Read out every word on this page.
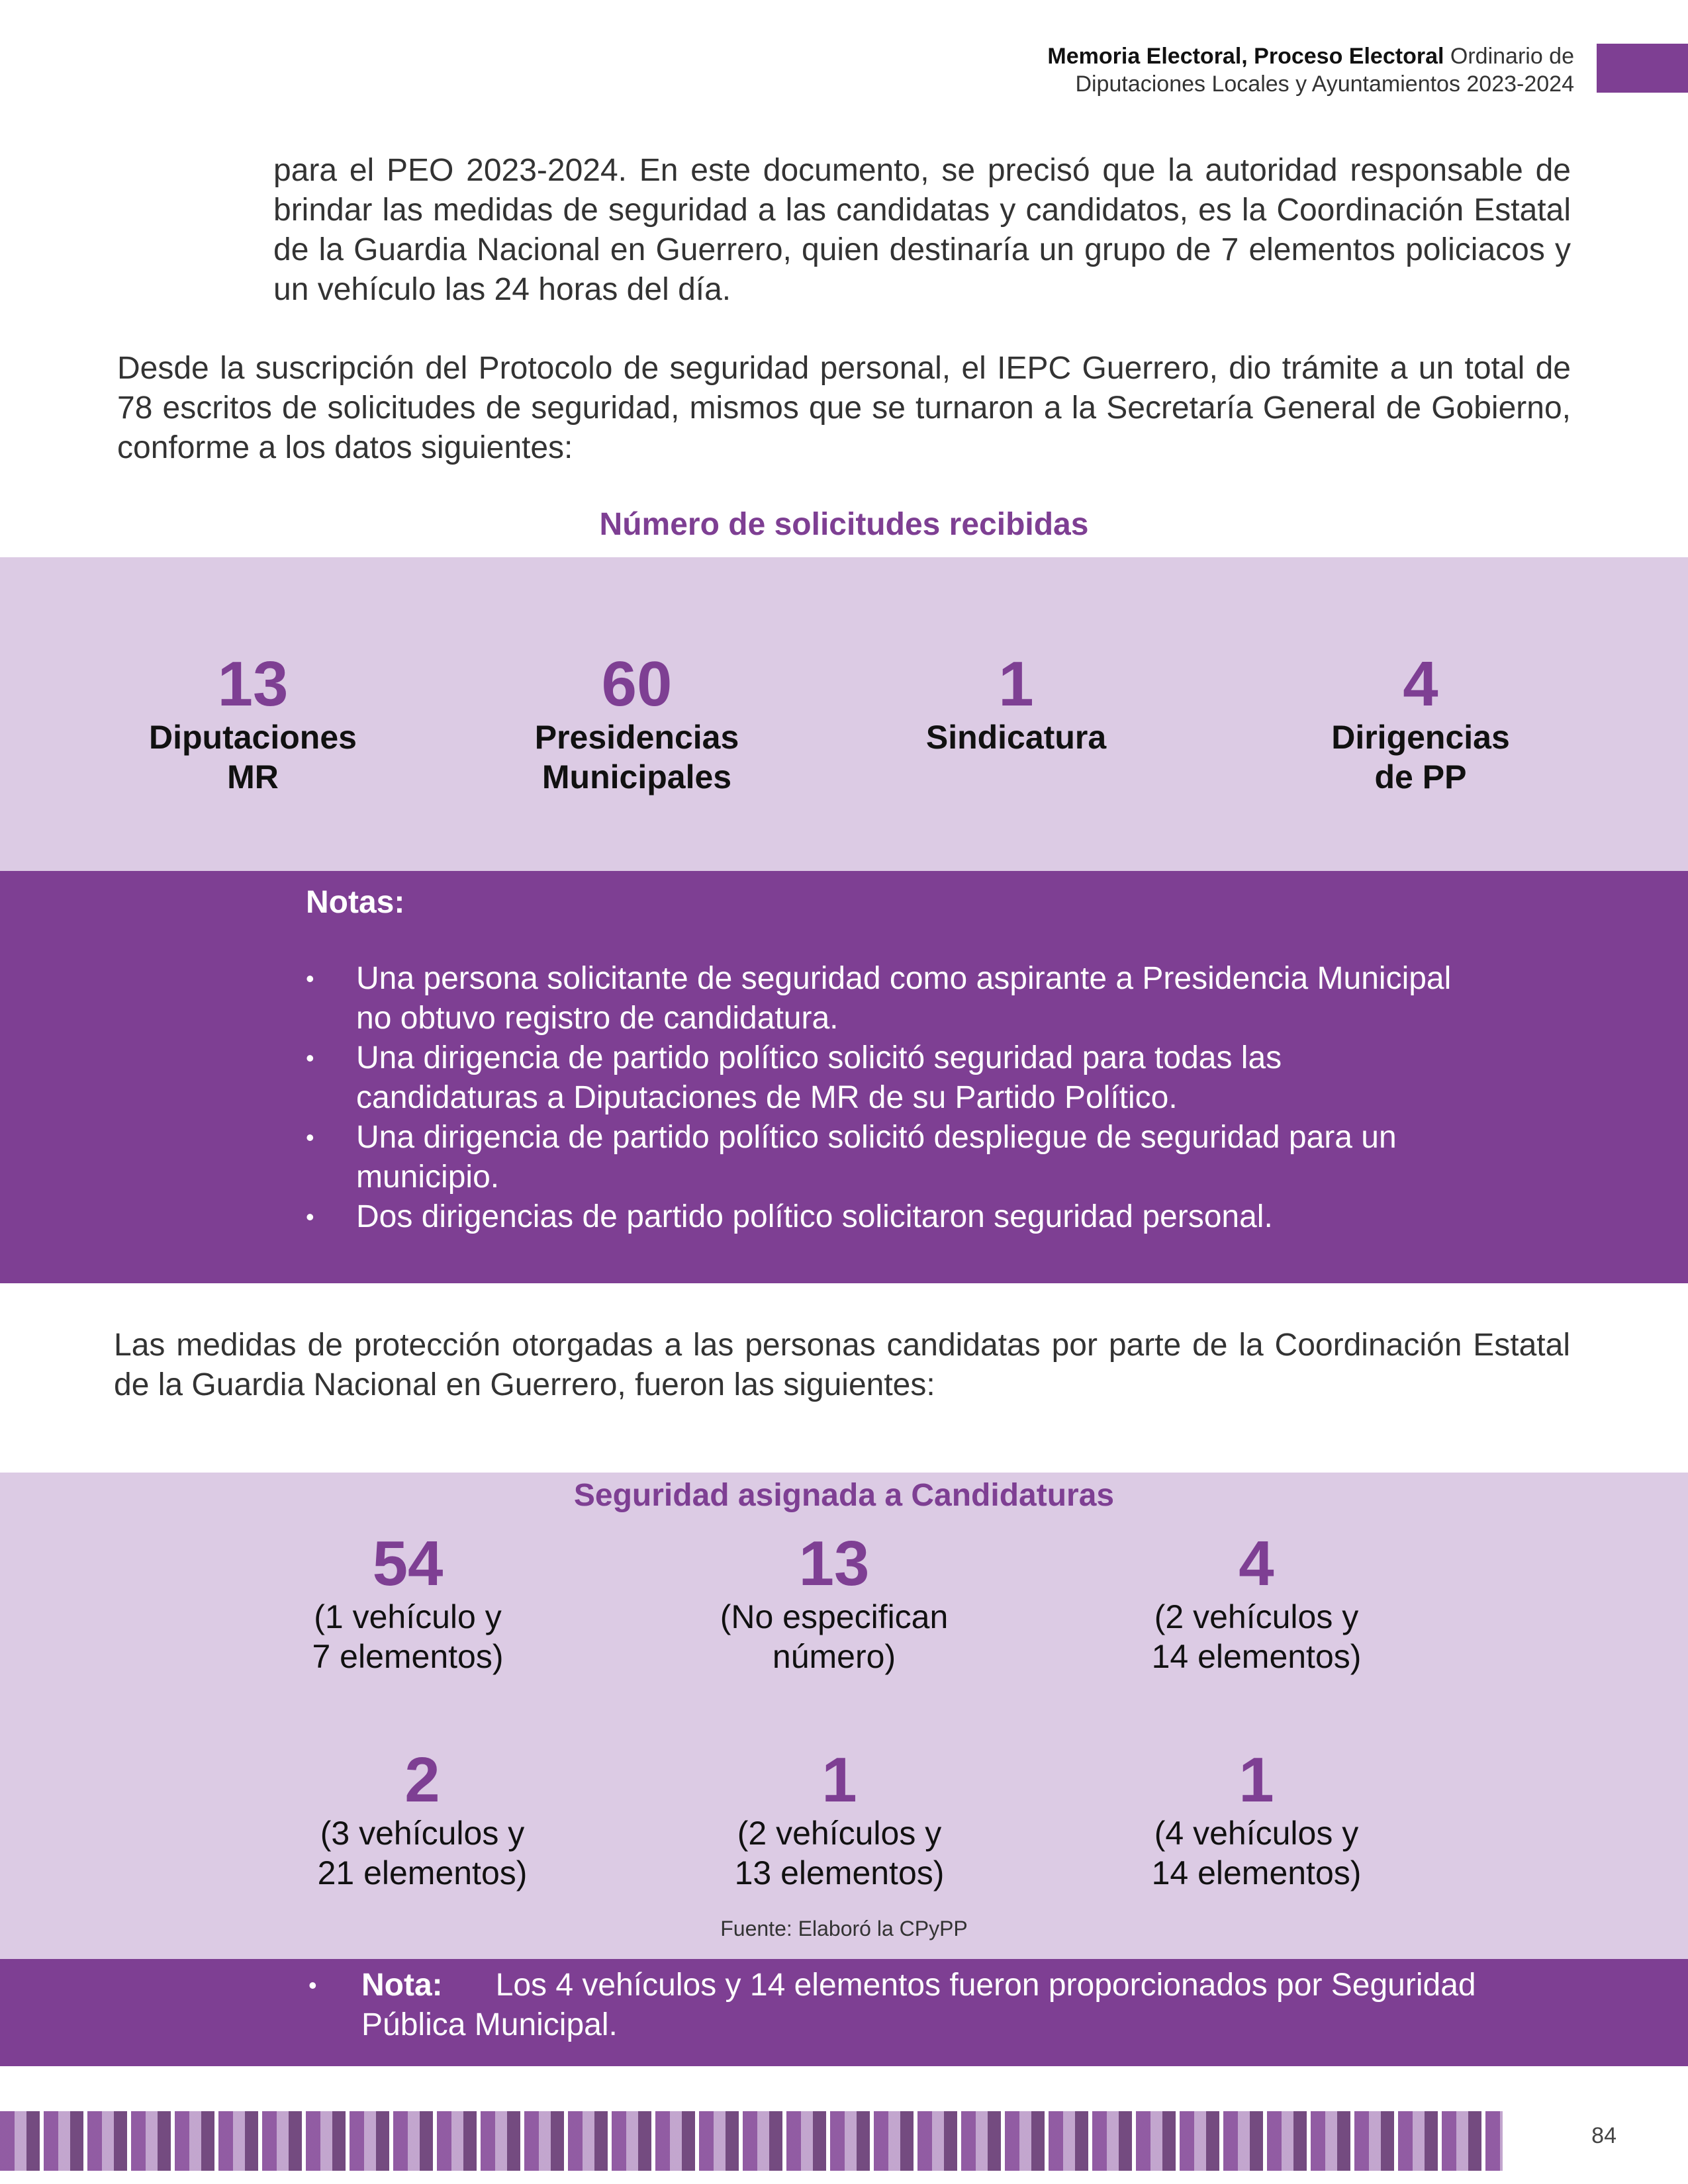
Memoria Electoral, Proceso Electoral Ordinario de
Diputaciones Locales y Ayuntamientos 2023-2024
para el PEO 2023-2024. En este documento, se precisó que la autoridad responsable de brindar las medidas de seguridad a las candidatas y candidatos, es la Coordinación Estatal de la Guardia Nacional en Guerrero, quien destinaría un grupo de 7 elementos policiacos y un vehículo las 24 horas del día.
Desde la suscripción del Protocolo de seguridad personal, el IEPC Guerrero, dio trámite a un total de 78 escritos de solicitudes de seguridad, mismos que se turnaron a la Secretaría General de Gobierno, conforme a los datos siguientes:
Número de solicitudes recibidas
13
Diputaciones
MR
60
Presidencias
Municipales
1
Sindicatura
4
Dirigencias
de PP
Notas:
• Una persona solicitante de seguridad como aspirante a Presidencia Municipal no obtuvo registro de candidatura.
• Una dirigencia de partido político solicitó seguridad para todas las candidaturas a Diputaciones de MR de su Partido Político.
• Una dirigencia de partido político solicitó despliegue de seguridad para un municipio.
• Dos dirigencias de partido político solicitaron seguridad personal.
Las medidas de protección otorgadas a las personas candidatas por parte de la Coordinación Estatal de la Guardia Nacional en Guerrero, fueron las siguientes:
54
(1 vehículo y
7 elementos)
13
(No especifican
número)
4
(2 vehículos y
14 elementos)
2
(3 vehículos y
21 elementos)
1
(2 vehículos y
13 elementos)
1
(4 vehículos y
14 elementos)
Seguridad asignada a Candidaturas
Fuente: Elaboró la CPyPP
•	Nota: Los 4 vehículos y 14 elementos fueron proporcionados por Seguridad Pública Municipal.
84
